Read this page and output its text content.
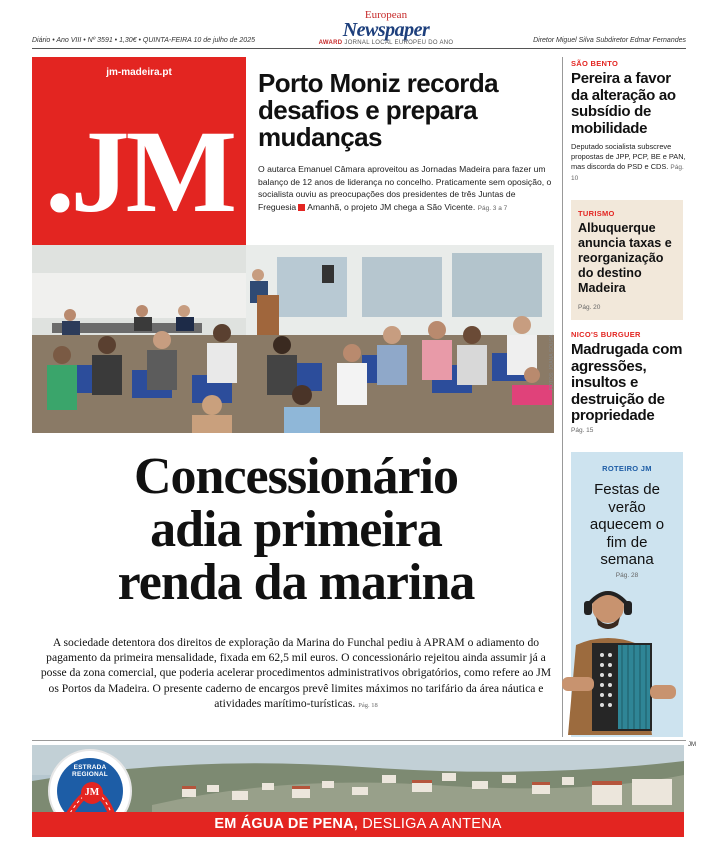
European
Newspaper
AWARD JORNAL LOCAL EUROPEU DO ANO
Diário • Ano VIII • Nº 3591 • 1,30€ • QUINTA-FEIRA 10 de julho de 2025	Diretor Miguel Silva Subdiretor Edmar Fernandes
jm-madeira.pt
.JM
Porto Moniz recorda desafios e prepara mudanças
O autarca Emanuel Câmara aproveitou as Jornadas Madeira para fazer um balanço de 12 anos de liderança no concelho. Praticamente sem oposição, o socialista ouviu as preocupações dos presidentes de três Juntas de Freguesia Amanhã, o projeto JM chega a São Vicente. Pág. 3 a 7
FOTOS: JOANA SOUSA
Concessionário
adia primeira
renda da marina
A sociedade detentora dos direitos de exploração da Marina do Funchal pediu à APRAM o adiamento do pagamento da primeira mensalidade, fixada em 62,5 mil euros. O concessionário rejeitou ainda assumir já a posse da zona comercial, que poderia acelerar procedimentos administrativos obrigatórios, como refere ao JM os Portos da Madeira. O presente caderno de encargos prevê limites máximos no tarifário da área náutica e atividades marítimo-turísticas. Pág. 18
SÃO BENTO
Pereira a favor da alteração ao subsídio de mobilidade
Deputado socialista subscreve propostas de JPP, PCP, BE e PAN, mas discorda do PSD e CDS. Pág. 10
TURISMO
Albuquerque anuncia taxas e reorganização do destino Madeira
Pág. 20
NICO'S BURGUER
Madrugada com agressões, insultos e destruição de propriedade
Pág. 15
ROTEIRO JM
Festas de verão aquecem o fim de semana
Pág. 28
ESTRADA REGIONAL
JM
EM ÁGUA DE PENA, DESLIGA A ANTENA
JM
